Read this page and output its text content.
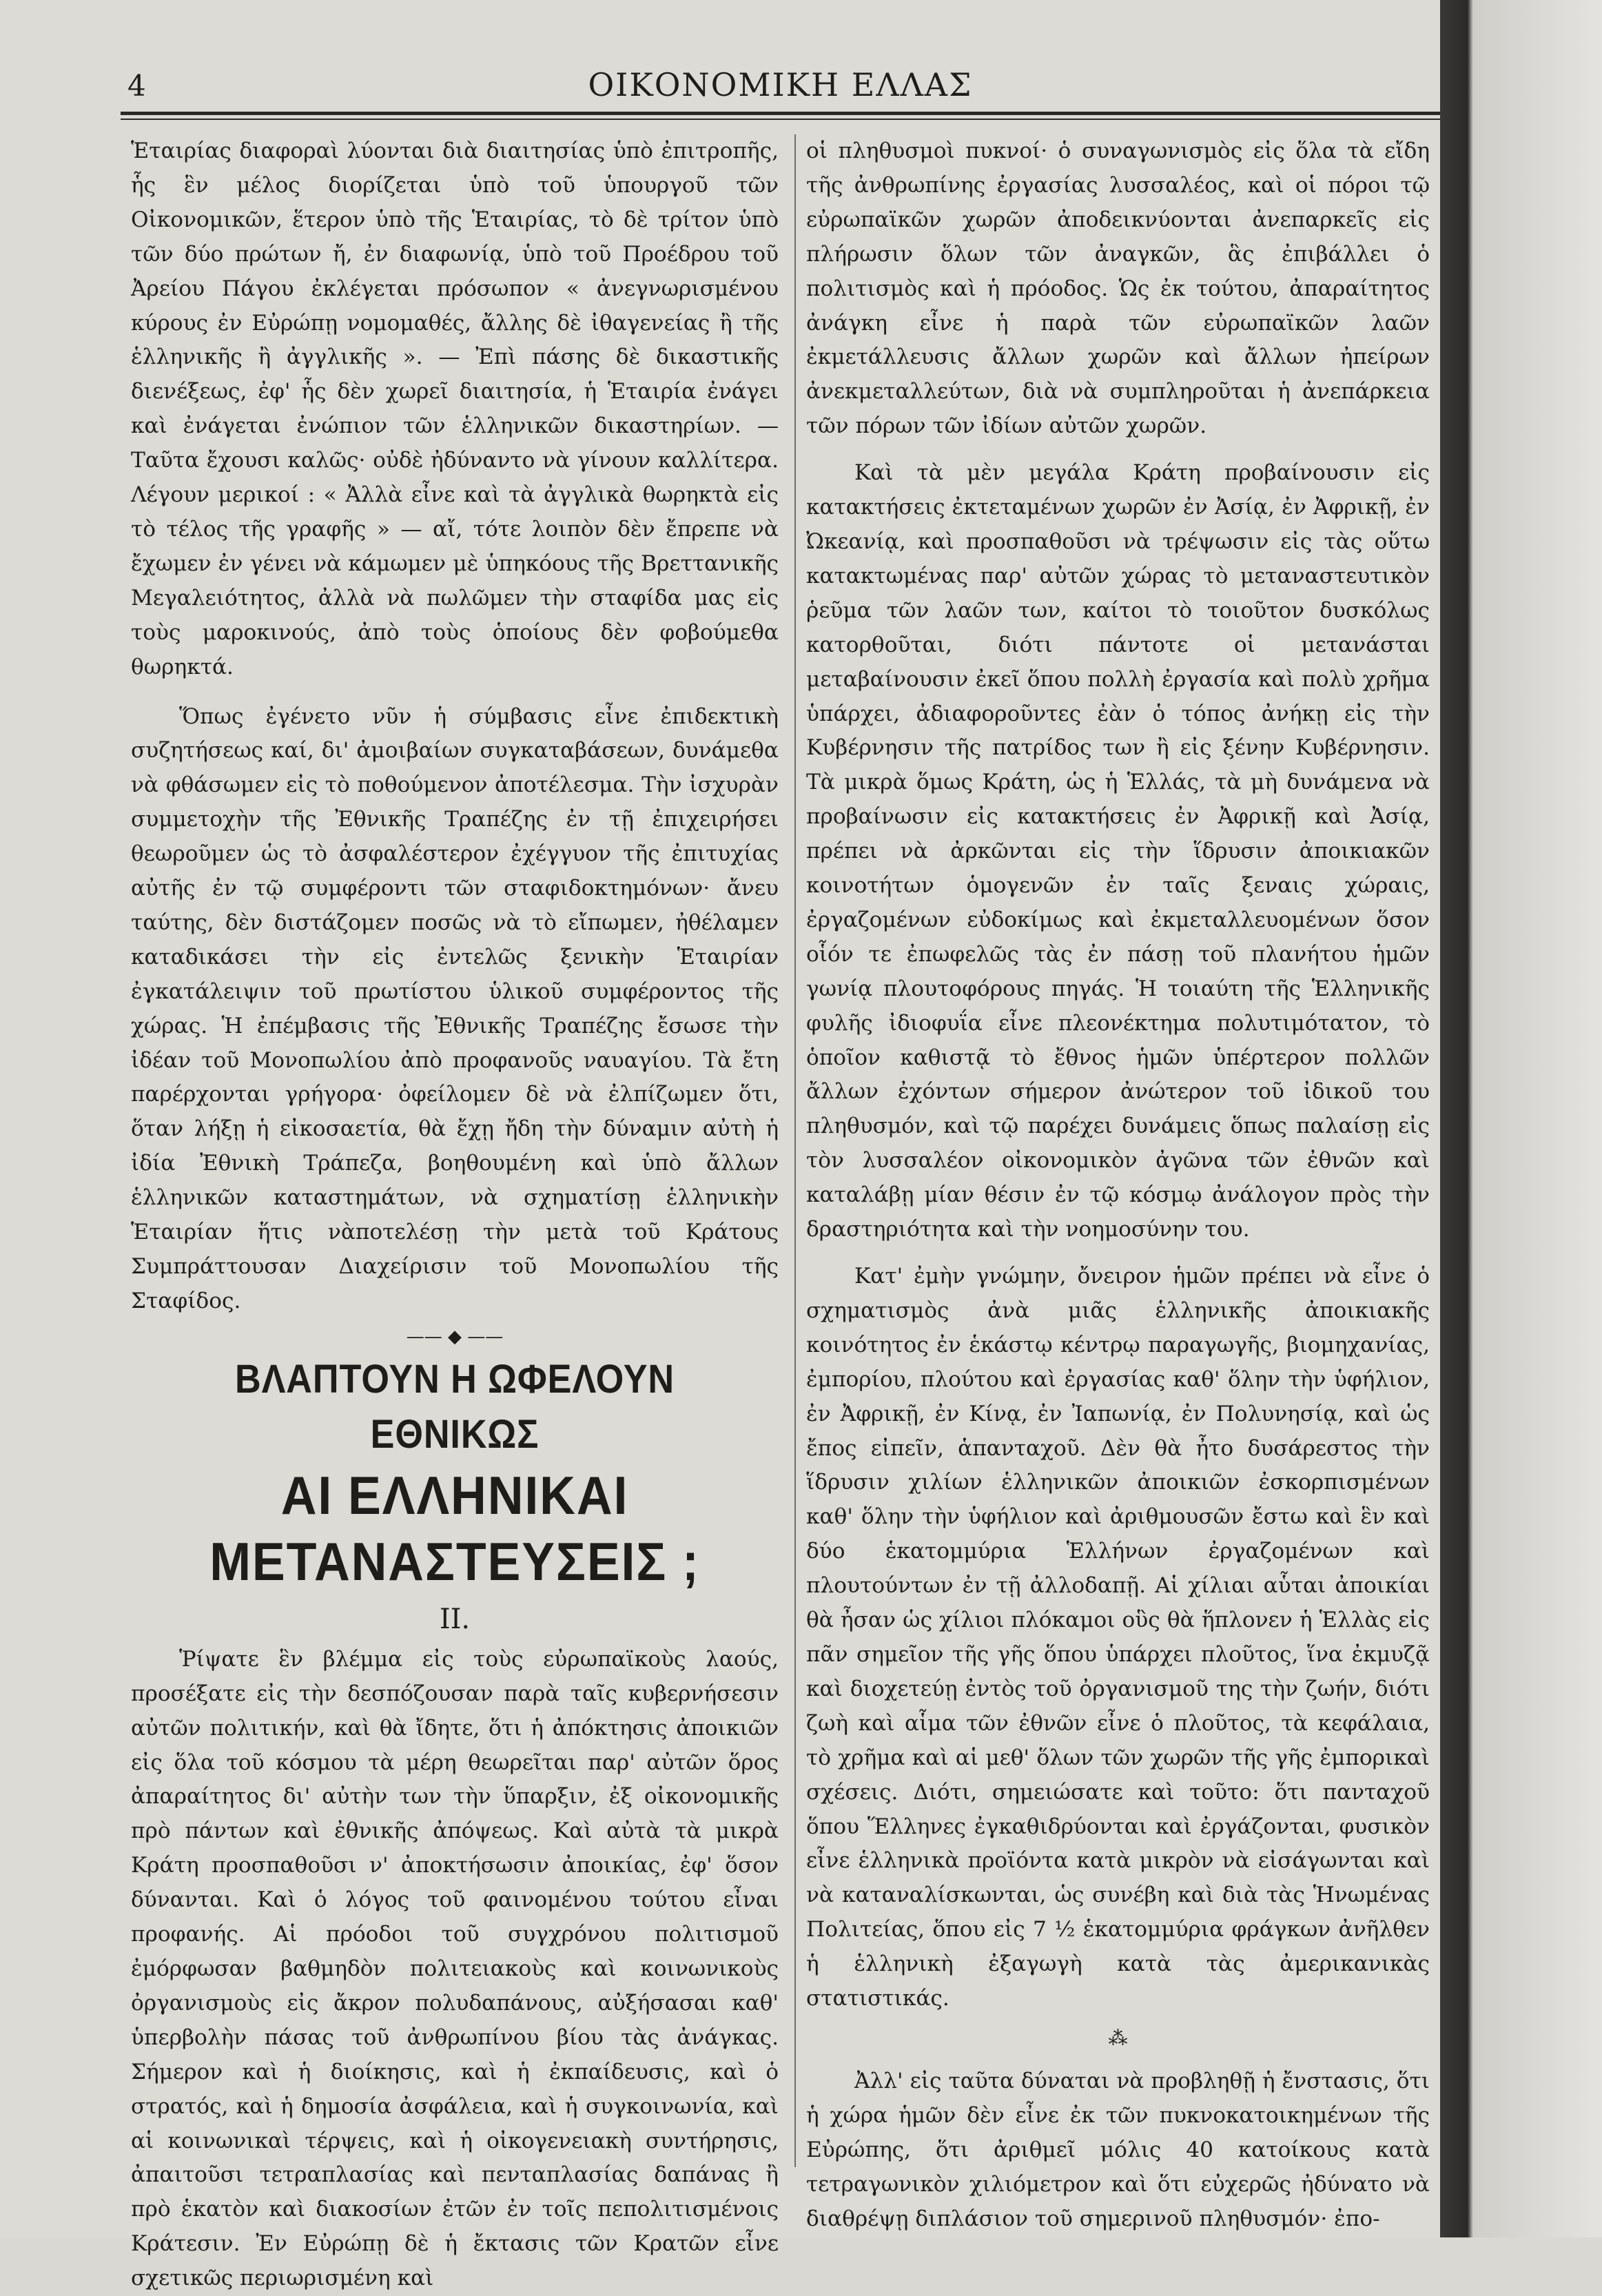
4	ΟΙΚΟΝΟΜΙΚΗ ΕΛΛΑΣ

Ἑταιρίας διαφοραὶ λύονται διὰ διαιτησίας ὑπὸ ἐπιτροπῆς, ἧς ἓν μέλος διορίζεται ὑπὸ τοῦ ὑπουργοῦ τῶν Οἰκονομικῶν, ἕτερον ὑπὸ τῆς Ἑταιρίας, τὸ δὲ τρίτον ὑπὸ τῶν δύο πρώτων ἤ, ἐν διαφωνίᾳ, ὑπὸ τοῦ Προέδρου τοῦ Ἀρείου Πάγου ἐκλέγεται πρόσωπον « ἀνεγνωρισμένου κύρους ἐν Εὐρώπῃ νομομαθές, ἄλλης δὲ ἰθαγενείας ἢ τῆς ἑλληνικῆς ἢ ἀγγλικῆς ». — Ἐπὶ πάσης δὲ δικαστικῆς διενέξεως, ἐφ' ἧς δὲν χωρεῖ διαιτησία, ἡ Ἑταιρία ἐνάγει καὶ ἐνάγεται ἐνώπιον τῶν ἑλληνικῶν δικαστηρίων. — Ταῦτα ἔχουσι καλῶς· οὐδὲ ἠδύναντο νὰ γίνουν καλλίτερα. Λέγουν μερικοί : « Ἀλλὰ εἶνε καὶ τὰ ἀγγλικὰ θωρηκτὰ εἰς τὸ τέλος τῆς γραφῆς » — αἴ, τότε λοιπὸν δὲν ἔπρεπε νὰ ἔχωμεν ἐν γένει νὰ κάμωμεν μὲ ὑπηκόους τῆς Βρεττανικῆς Μεγαλειότητος, ἀλλὰ νὰ πωλῶμεν τὴν σταφίδα μας εἰς τοὺς μαροκινούς, ἀπὸ τοὺς ὁποίους δὲν φοβούμεθα θωρηκτά.

Ὅπως ἐγένετο νῦν ἡ σύμβασις εἶνε ἐπιδεκτικὴ συζητήσεως καί, δι' ἀμοιβαίων συγκαταβάσεων, δυνάμεθα νὰ φθάσωμεν εἰς τὸ ποθούμενον ἀποτέλεσμα. Τὴν ἰσχυρὰν συμμετοχὴν τῆς Ἐθνικῆς Τραπέζης ἐν τῇ ἐπιχειρήσει θεωροῦμεν ὡς τὸ ἀσφαλέστερον ἐχέγγυον τῆς ἐπιτυχίας αὐτῆς ἐν τῷ συμφέροντι τῶν σταφιδοκτημόνων· ἄνευ ταύτης, δὲν διστάζομεν ποσῶς νὰ τὸ εἴπωμεν, ἠθέλαμεν καταδικάσει τὴν εἰς ἐντελῶς ξενικὴν Ἑταιρίαν ἐγκατάλειψιν τοῦ πρωτίστου ὑλικοῦ συμφέροντος τῆς χώρας. Ἡ ἐπέμβασις τῆς Ἐθνικῆς Τραπέζης ἔσωσε τὴν ἰδέαν τοῦ Μονοπωλίου ἀπὸ προφανοῦς ναυαγίου. Τὰ ἔτη παρέρχονται γρήγορα· ὀφείλομεν δὲ νὰ ἐλπίζωμεν ὅτι, ὅταν λήξῃ ἡ εἰκοσαετία, θὰ ἔχῃ ἤδη τὴν δύναμιν αὐτὴ ἡ ἰδία Ἐθνικὴ Τράπεζα, βοηθουμένη καὶ ὑπὸ ἄλλων ἑλληνικῶν καταστημάτων, νὰ σχηματίσῃ ἑλληνικὴν Ἑταιρίαν ἥτις νὰποτελέσῃ τὴν μετὰ τοῦ Κράτους Συμπράττουσαν Διαχείρισιν τοῦ Μονοπωλίου τῆς Σταφίδος.

—— ◆ ——
ΒΛΑΠΤΟΥΝ Η ΩΦΕΛΟΥΝ ΕΘΝΙΚΩΣ
ΑΙ ΕΛΛΗΝΙΚΑΙ ΜΕΤΑΝΑΣΤΕΥΣΕΙΣ ;
ΙΙ.

Ῥίψατε ἓν βλέμμα εἰς τοὺς εὐρωπαϊκοὺς λαούς, προσέξατε εἰς τὴν δεσπόζουσαν παρὰ ταῖς κυβερνήσεσιν αὐτῶν πολιτικήν, καὶ θὰ ἴδητε, ὅτι ἡ ἀπόκτησις ἀποικιῶν εἰς ὅλα τοῦ κόσμου τὰ μέρη θεωρεῖται παρ' αὐτῶν ὅρος ἀπαραίτητος δι' αὐτὴν των τὴν ὕπαρξιν, ἐξ οἰκονομικῆς πρὸ πάντων καὶ ἐθνικῆς ἀπόψεως. Καὶ αὐτὰ τὰ μικρὰ Κράτη προσπαθοῦσι ν' ἀποκτήσωσιν ἀποικίας, ἐφ' ὅσον δύνανται. Καὶ ὁ λόγος τοῦ φαινομένου τούτου εἶναι προφανής. Αἱ πρόοδοι τοῦ συγχρόνου πολιτισμοῦ ἐμόρφωσαν βαθμηδὸν πολιτειακοὺς καὶ κοινωνικοὺς ὀργανισμοὺς εἰς ἄκρον πολυδαπάνους, αὐξήσασαι καθ' ὑπερβολὴν πάσας τοῦ ἀνθρωπίνου βίου τὰς ἀνάγκας. Σήμερον καὶ ἡ διοίκησις, καὶ ἡ ἐκπαίδευσις, καὶ ὁ στρατός, καὶ ἡ δημοσία ἀσφάλεια, καὶ ἡ συγκοινωνία, καὶ αἱ κοινωνικαὶ τέρψεις, καὶ ἡ οἰκογενειακὴ συντήρησις, ἀπαιτοῦσι τετραπλασίας καὶ πενταπλασίας δαπάνας ἢ πρὸ ἑκατὸν καὶ διακοσίων ἐτῶν ἐν τοῖς πεπολιτισμένοις Κράτεσιν. Ἐν Εὐρώπῃ δὲ ἡ ἔκτασις τῶν Κρατῶν εἶνε σχετικῶς περιωρισμένη καὶ

οἱ πληθυσμοὶ πυκνοί· ὁ συναγωνισμὸς εἰς ὅλα τὰ εἴδη τῆς ἀνθρωπίνης ἐργασίας λυσσαλέος, καὶ οἱ πόροι τῷ εὐρωπαϊκῶν χωρῶν ἀποδεικνύονται ἀνεπαρκεῖς εἰς πλήρωσιν ὅλων τῶν ἀναγκῶν, ἃς ἐπιβάλλει ὁ πολιτισμὸς καὶ ἡ πρόοδος. Ὡς ἐκ τούτου, ἀπαραίτητος ἀνάγκη εἶνε ἡ παρὰ τῶν εὐρωπαϊκῶν λαῶν ἐκμετάλλευσις ἄλλων χωρῶν καὶ ἄλλων ἠπείρων ἀνεκμεταλλεύτων, διὰ νὰ συμπληροῦται ἡ ἀνεπάρκεια τῶν πόρων τῶν ἰδίων αὐτῶν χωρῶν.

Καὶ τὰ μὲν μεγάλα Κράτη προβαίνουσιν εἰς κατακτήσεις ἐκτεταμένων χωρῶν ἐν Ἀσίᾳ, ἐν Ἀφρικῇ, ἐν Ὠκεανίᾳ, καὶ προσπαθοῦσι νὰ τρέψωσιν εἰς τὰς οὕτω κατακτωμένας παρ' αὐτῶν χώρας τὸ μεταναστευτικὸν ῥεῦμα τῶν λαῶν των, καίτοι τὸ τοιοῦτον δυσκόλως κατορθοῦται, διότι πάντοτε οἱ μετανάσται μεταβαίνουσιν ἐκεῖ ὅπου πολλὴ ἐργασία καὶ πολὺ χρῆμα ὑπάρχει, ἀδιαφοροῦντες ἐὰν ὁ τόπος ἀνήκῃ εἰς τὴν Κυβέρνησιν τῆς πατρίδος των ἢ εἰς ξένην Κυβέρνησιν. Τὰ μικρὰ ὅμως Κράτη, ὡς ἡ Ἑλλάς, τὰ μὴ δυνάμενα νὰ προβαίνωσιν εἰς κατακτήσεις ἐν Ἀφρικῇ καὶ Ἀσίᾳ, πρέπει νὰ ἀρκῶνται εἰς τὴν ἵδρυσιν ἀποικιακῶν κοινοτήτων ὁμογενῶν ἐν ταῖς ξεναις χώραις, ἐργαζομένων εὐδοκίμως καὶ ἐκμεταλλευομένων ὅσον οἷόν τε ἐπωφελῶς τὰς ἐν πάσῃ τοῦ πλανήτου ἡμῶν γωνίᾳ πλουτοφόρους πηγάς. Ἡ τοιαύτη τῆς Ἑλληνικῆς φυλῆς ἰδιοφυΐα εἶνε πλεονέκτημα πολυτιμότατον, τὸ ὁποῖον καθιστᾷ τὸ ἔθνος ἡμῶν ὑπέρτερον πολλῶν ἄλλων ἐχόντων σήμερον ἀνώτερον τοῦ ἰδικοῦ του πληθυσμόν, καὶ τῷ παρέχει δυνάμεις ὅπως παλαίσῃ εἰς τὸν λυσσαλέον οἰκονομικὸν ἀγῶνα τῶν ἐθνῶν καὶ καταλάβῃ μίαν θέσιν ἐν τῷ κόσμῳ ἀνάλογον πρὸς τὴν δραστηριότητα καὶ τὴν νοημοσύνην του.

Κατ' ἐμὴν γνώμην, ὄνειρον ἡμῶν πρέπει νὰ εἶνε ὁ σχηματισμὸς ἀνὰ μιᾶς ἑλληνικῆς ἀποικιακῆς κοινότητος ἐν ἑκάστῳ κέντρῳ παραγωγῆς, βιομηχανίας, ἐμπορίου, πλούτου καὶ ἐργασίας καθ' ὅλην τὴν ὑφήλιον, ἐν Ἀφρικῇ, ἐν Κίνᾳ, ἐν Ἰαπωνίᾳ, ἐν Πολυνησίᾳ, καὶ ὡς ἔπος εἰπεῖν, ἁπανταχοῦ. Δὲν θὰ ἦτο δυσάρεστος τὴν ἵδρυσιν χιλίων ἑλληνικῶν ἀποικιῶν ἐσκορπισμένων καθ' ὅλην τὴν ὑφήλιον καὶ ἀριθμουσῶν ἔστω καὶ ἓν καὶ δύο ἑκατομμύρια Ἑλλήνων ἐργαζομένων καὶ πλουτούντων ἐν τῇ ἀλλοδαπῇ. Αἱ χίλιαι αὗται ἀποικίαι θὰ ἦσαν ὡς χίλιοι πλόκαμοι οὓς θὰ ἥπλονεν ἡ Ἑλλὰς εἰς πᾶν σημεῖον τῆς γῆς ὅπου ὑπάρχει πλοῦτος, ἵνα ἐκμυζᾷ καὶ διοχετεύῃ ἐντὸς τοῦ ὀργανισμοῦ της τὴν ζωήν, διότι ζωὴ καὶ αἷμα τῶν ἐθνῶν εἶνε ὁ πλοῦτος, τὰ κεφάλαια, τὸ χρῆμα καὶ αἱ μεθ' ὅλων τῶν χωρῶν τῆς γῆς ἐμπορικαὶ σχέσεις. Διότι, σημειώσατε καὶ τοῦτο: ὅτι πανταχοῦ ὅπου Ἕλληνες ἐγκαθιδρύονται καὶ ἐργάζονται, φυσικὸν εἶνε ἑλληνικὰ προϊόντα κατὰ μικρὸν νὰ εἰσάγωνται καὶ νὰ καταναλίσκωνται, ὡς συνέβη καὶ διὰ τὰς Ἡνωμένας Πολιτείας, ὅπου εἰς 7 ½ ἑκατομμύρια φράγκων ἀνῆλθεν ἡ ἑλληνικὴ ἐξαγωγὴ κατὰ τὰς ἀμερικανικὰς στατιστικάς.

⁂

Ἀλλ' εἰς ταῦτα δύναται νὰ προβληθῇ ἡ ἔνστασις, ὅτι ἡ χώρα ἡμῶν δὲν εἶνε ἐκ τῶν πυκνοκατοικημένων τῆς Εὐρώπης, ὅτι ἀριθμεῖ μόλις 40 κατοίκους κατὰ τετραγωνικὸν χιλιόμετρον καὶ ὅτι εὐχερῶς ἠδύνατο νὰ διαθρέψῃ διπλάσιον τοῦ σημερινοῦ πληθυσμόν· ἐπο-
